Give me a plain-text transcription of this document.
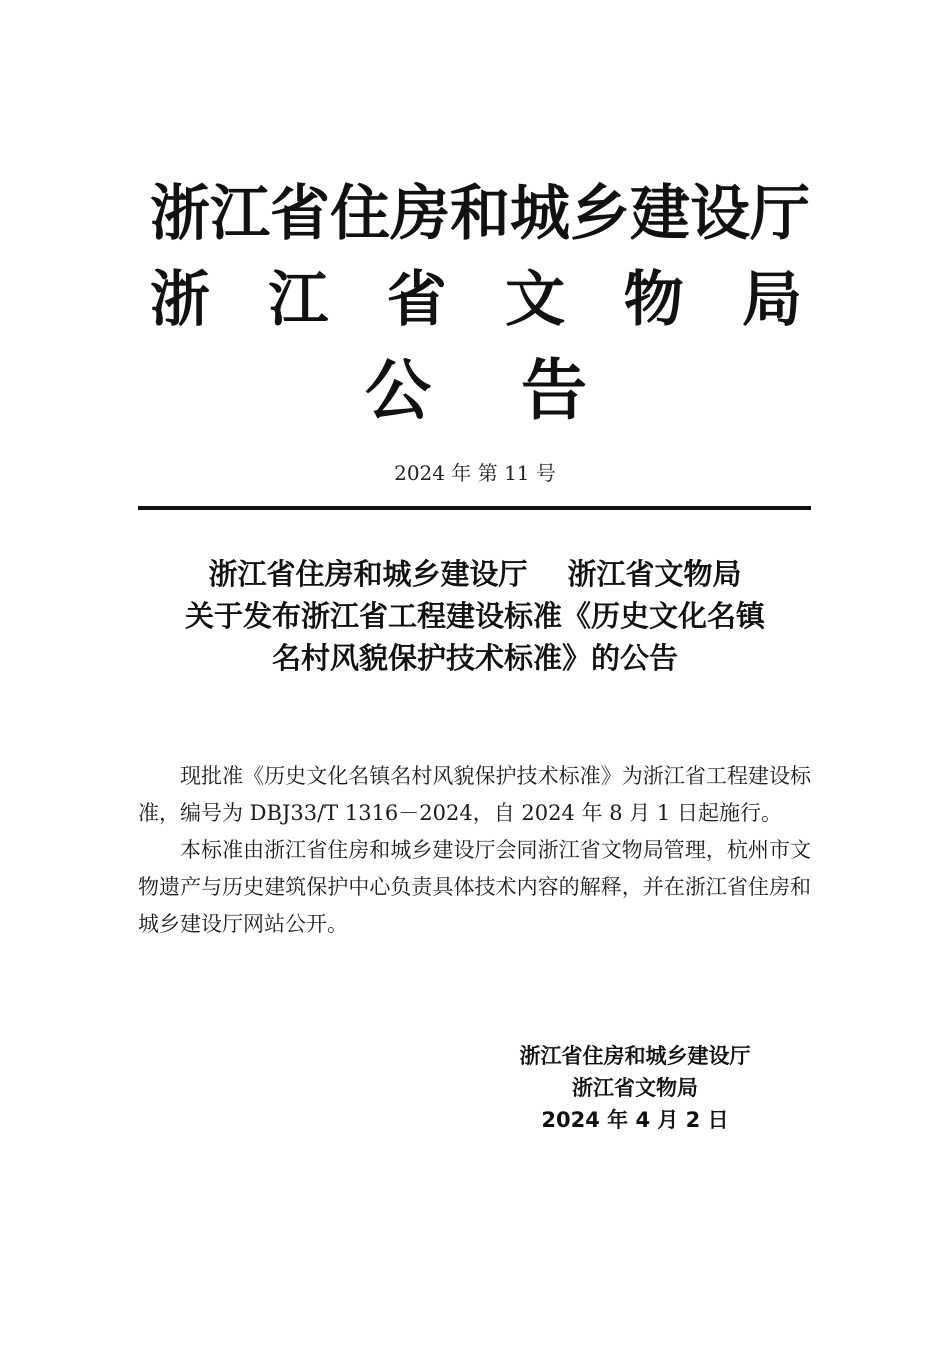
浙 江 省 住 房 和 城 乡 建 设 厅
浙 江 省 文 物 局
公 告
2024 年 第 11 号
浙江省住房和城乡建设厅 浙江省文物局
关于发布浙江省工程建设标准《历史文化名镇
名村风貌保护技术标准》的公告

现批准《历史文化名镇名村风貌保护技术标准》为浙江省工程建设标准，编号为 DBJ33/T 1316－2024，自 2024 年 8 月 1 日起施行。

本标准由浙江省住房和城乡建设厅会同浙江省文物局管理，杭州市文物遗产与历史建筑保护中心负责具体技术内容的解释，并在浙江省住房和城乡建设厅网站公开。

浙江省住房和城乡建设厅
浙江省文物局
2024 年 4 月 2 日
